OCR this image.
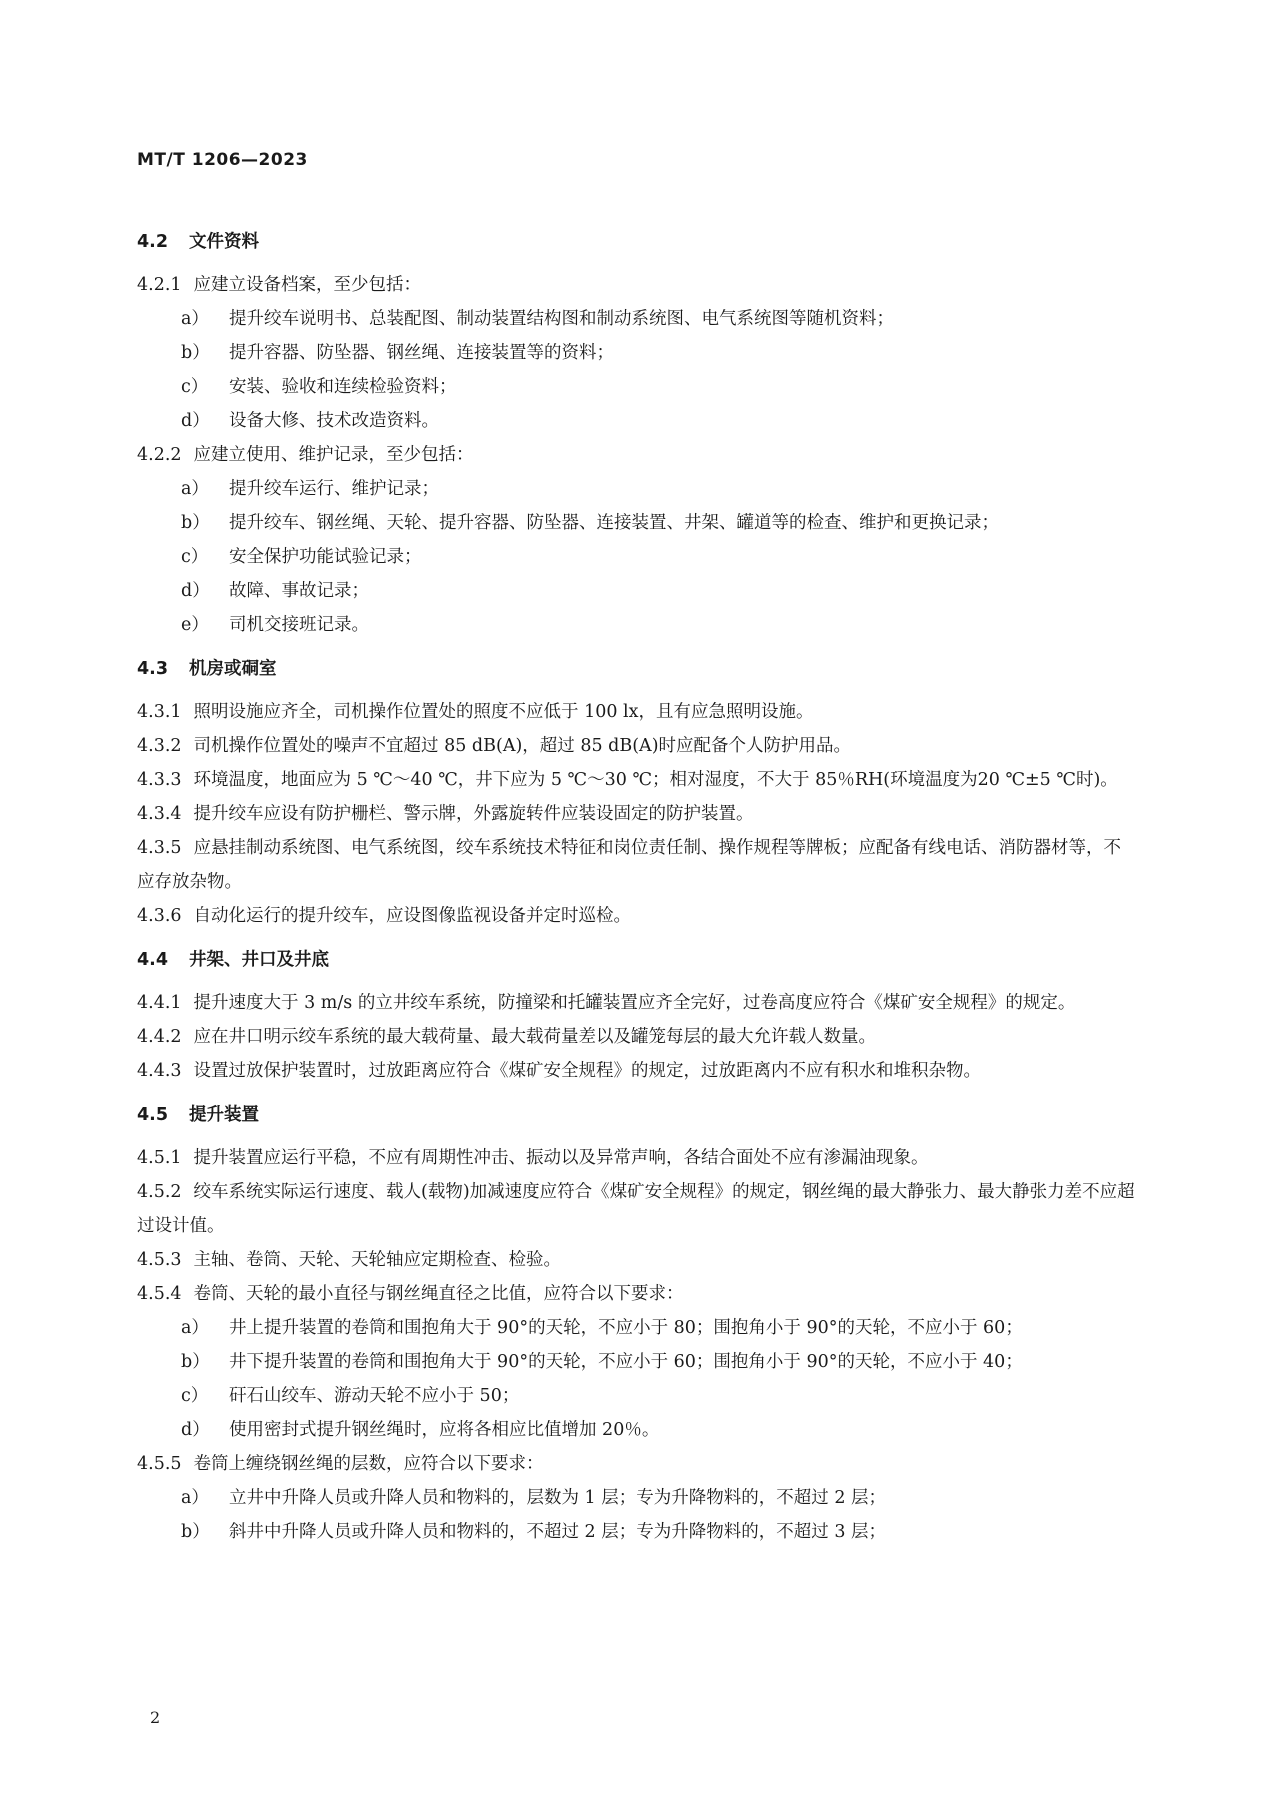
MT/T 1206—2023
4.2 文件资料
4.2.1 应建立设备档案，至少包括：
a） 提升绞车说明书、总装配图、制动装置结构图和制动系统图、电气系统图等随机资料；
b） 提升容器、防坠器、钢丝绳、连接装置等的资料；
c） 安装、验收和连续检验资料；
d） 设备大修、技术改造资料。
4.2.2 应建立使用、维护记录，至少包括：
a） 提升绞车运行、维护记录；
b） 提升绞车、钢丝绳、天轮、提升容器、防坠器、连接装置、井架、罐道等的检查、维护和更换记录；
c） 安全保护功能试验记录；
d） 故障、事故记录；
e） 司机交接班记录。
4.3 机房或硐室
4.3.1 照明设施应齐全，司机操作位置处的照度不应低于 100 lx，且有应急照明设施。
4.3.2 司机操作位置处的噪声不宜超过 85 dB(A)，超过 85 dB(A)时应配备个人防护用品。
4.3.3 环境温度，地面应为 5 ℃～40 ℃，井下应为 5 ℃～30 ℃；相对湿度，不大于 85％RH(环境温度为20 ℃±5 ℃时)。
4.3.4 提升绞车应设有防护栅栏、警示牌，外露旋转件应装设固定的防护装置。
4.3.5 应悬挂制动系统图、电气系统图，绞车系统技术特征和岗位责任制、操作规程等牌板；应配备有线电话、消防器材等，不应存放杂物。
4.3.6 自动化运行的提升绞车，应设图像监视设备并定时巡检。
4.4 井架、井口及井底
4.4.1 提升速度大于 3 m/s 的立井绞车系统，防撞梁和托罐装置应齐全完好，过卷高度应符合《煤矿安全规程》的规定。
4.4.2 应在井口明示绞车系统的最大载荷量、最大载荷量差以及罐笼每层的最大允许载人数量。
4.4.3 设置过放保护装置时，过放距离应符合《煤矿安全规程》的规定，过放距离内不应有积水和堆积杂物。
4.5 提升装置
4.5.1 提升装置应运行平稳，不应有周期性冲击、振动以及异常声响，各结合面处不应有渗漏油现象。
4.5.2 绞车系统实际运行速度、载人(载物)加减速度应符合《煤矿安全规程》的规定，钢丝绳的最大静张力、最大静张力差不应超过设计值。
4.5.3 主轴、卷筒、天轮、天轮轴应定期检查、检验。
4.5.4 卷筒、天轮的最小直径与钢丝绳直径之比值，应符合以下要求：
a） 井上提升装置的卷筒和围抱角大于 90°的天轮，不应小于 80；围抱角小于 90°的天轮，不应小于 60；
b） 井下提升装置的卷筒和围抱角大于 90°的天轮，不应小于 60；围抱角小于 90°的天轮，不应小于 40；
c） 矸石山绞车、游动天轮不应小于 50；
d） 使用密封式提升钢丝绳时，应将各相应比值增加 20％。
4.5.5 卷筒上缠绕钢丝绳的层数，应符合以下要求：
a） 立井中升降人员或升降人员和物料的，层数为 1 层；专为升降物料的，不超过 2 层；
b） 斜井中升降人员或升降人员和物料的，不超过 2 层；专为升降物料的，不超过 3 层；
2
